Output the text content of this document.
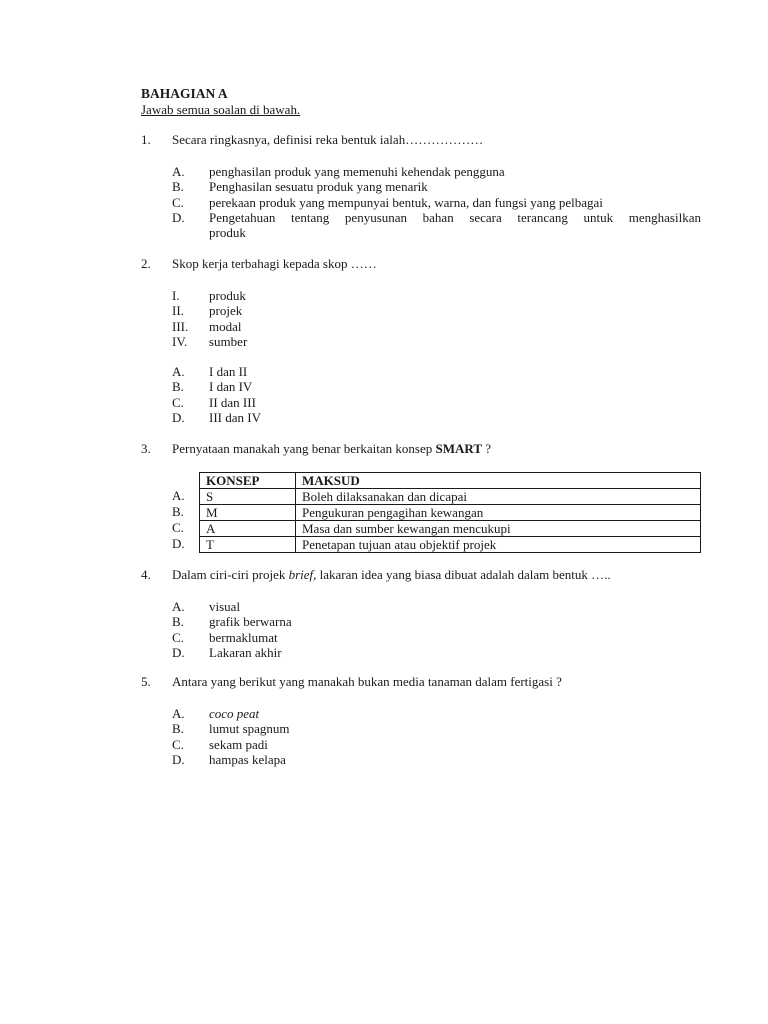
BAHAGIAN A
Jawab semua soalan di bawah.
1.	Secara ringkasnya, definisi reka bentuk ialah………………
A.	penghasilan produk yang memenuhi kehendak pengguna
B.	Penghasilan sesuatu produk yang menarik
C.	perekaan produk yang mempunyai bentuk, warna, dan fungsi yang pelbagai
D.	Pengetahuan tentang penyusunan bahan secara terancang untuk menghasilkan
produk
2.	Skop kerja terbahagi kepada skop ……
I.	produk
II.	projek
III.	modal
IV.	sumber
A.	I dan II
B.	I dan IV
C.	II dan III
D.	III dan IV
3.	Pernyataan manakah yang benar berkaitan konsep SMART ?
A.
B.
C.
D.
KONSEP	MAKSUD
S	Boleh dilaksanakan dan dicapai
M	Pengukuran pengagihan kewangan
A	Masa dan sumber kewangan mencukupi
T	Penetapan tujuan atau objektif projek
4.	Dalam ciri-ciri projek brief, lakaran idea yang biasa dibuat adalah dalam bentuk …..
A.	visual
B.	grafik berwarna
C.	bermaklumat
D.	Lakaran akhir
5.	Antara yang berikut yang manakah bukan media tanaman dalam fertigasi ?
A.	coco peat
B.	lumut spagnum
C.	sekam padi
D.	hampas kelapa
